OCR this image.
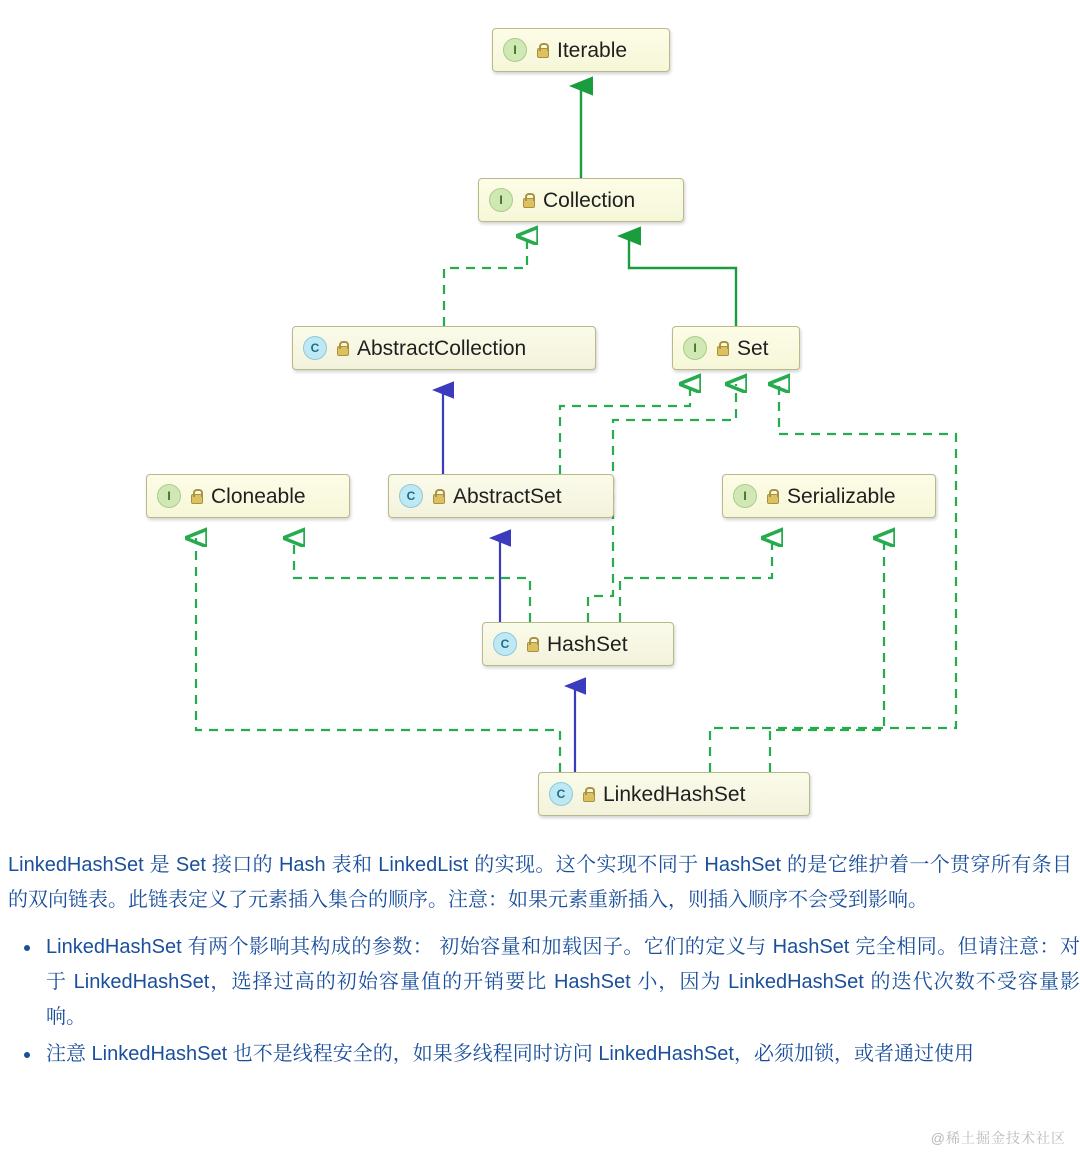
I	Iterable
I	Collection
C	AbstractCollection	I	Set
I	Cloneable	C	AbstractSet	I	Serializable
C	HashSet
C	LinkedHashSet
LinkedHashSet 是 Set 接口的 Hash 表和 LinkedList 的实现。这个实现不同于 HashSet 的是它维护着一个贯穿所有条目的双向链表。此链表定义了元素插入集合的顺序。注意：如果元素重新插入，则插入顺序不会受到影响。
• LinkedHashSet 有两个影响其构成的参数： 初始容量和加载因子。它们的定义与 HashSet 完全相同。但请注意：对于 LinkedHashSet，选择过高的初始容量值的开销要比 HashSet 小，因为 LinkedHashSet 的迭代次数不受容量影响。
• 注意 LinkedHashSet 也不是线程安全的，如果多线程同时访问 LinkedHashSet，必须加锁，或者通过使用
@稀土掘金技术社区
